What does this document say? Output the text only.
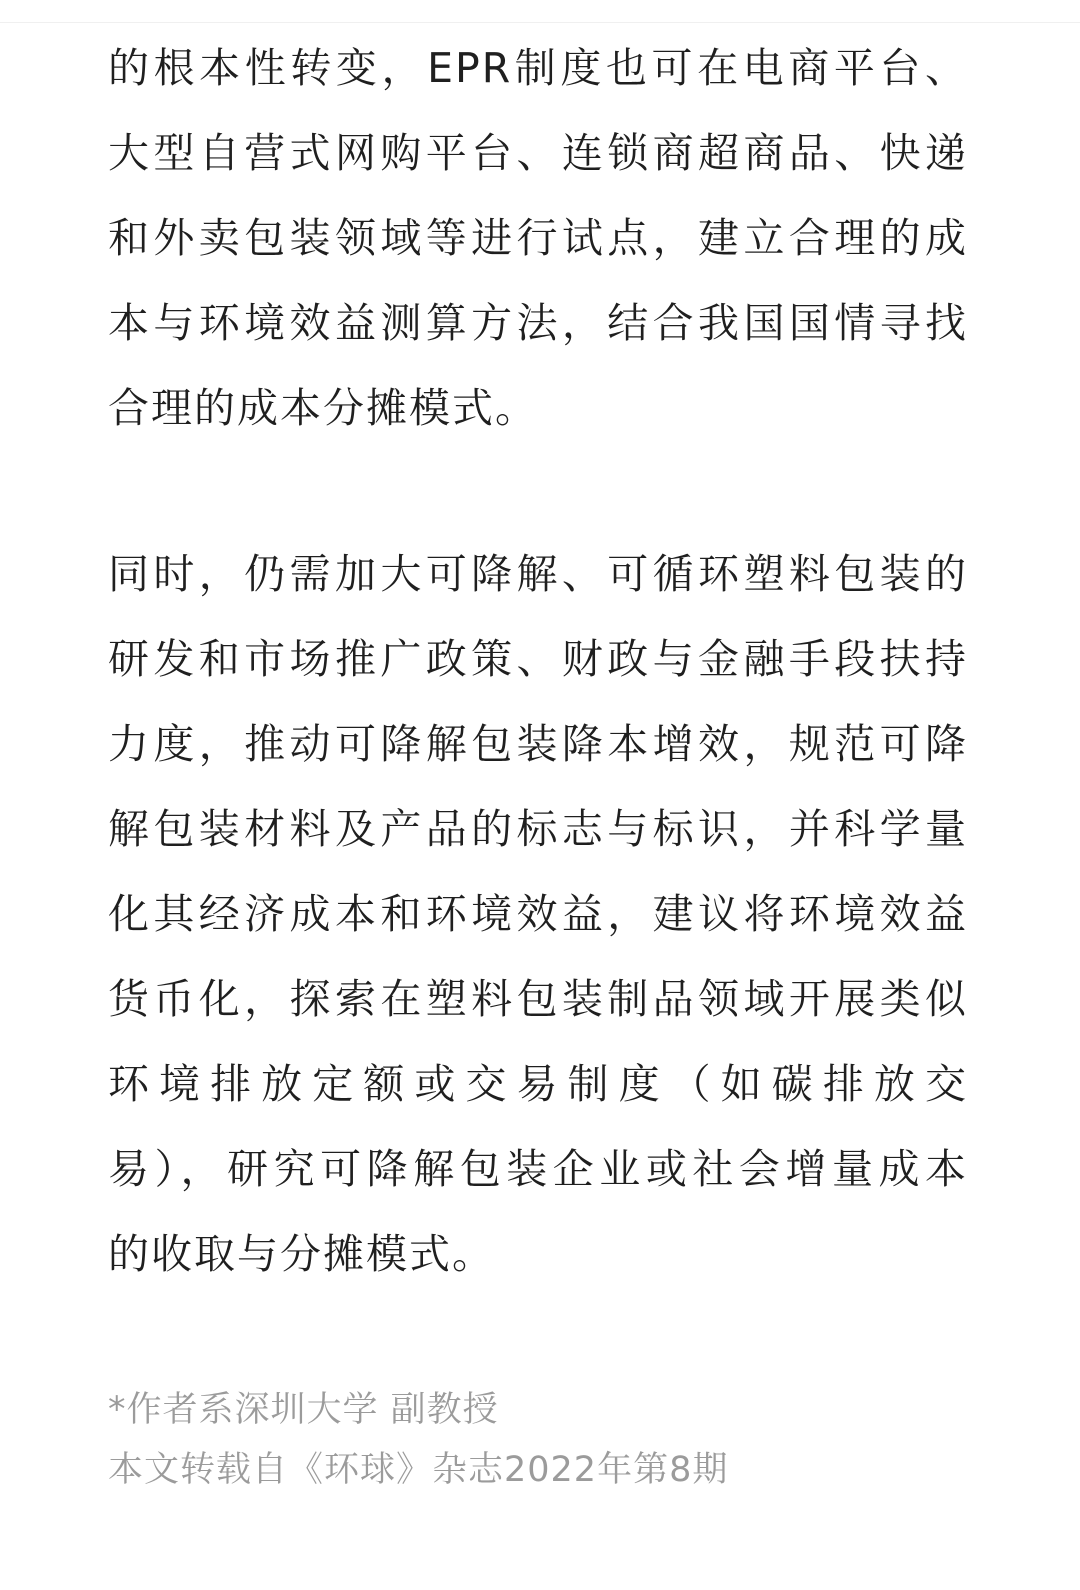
的根本性转变，EPR制度也可在电商平台、
大型自营式网购平台、连锁商超商品、快递
和外卖包装领域等进行试点，建立合理的成
本与环境效益测算方法，结合我国国情寻找
合理的成本分摊模式。
同时，仍需加大可降解、可循环塑料包装的
研发和市场推广政策、财政与金融手段扶持
力度，推动可降解包装降本增效，规范可降
解包装材料及产品的标志与标识，并科学量
化其经济成本和环境效益，建议将环境效益
货币化，探索在塑料包装制品领域开展类似
环境排放定额或交易制度（如碳排放交
易），研究可降解包装企业或社会增量成本
的收取与分摊模式。
*作者系深圳大学 副教授
本文转载自《环球》杂志2022年第8期
